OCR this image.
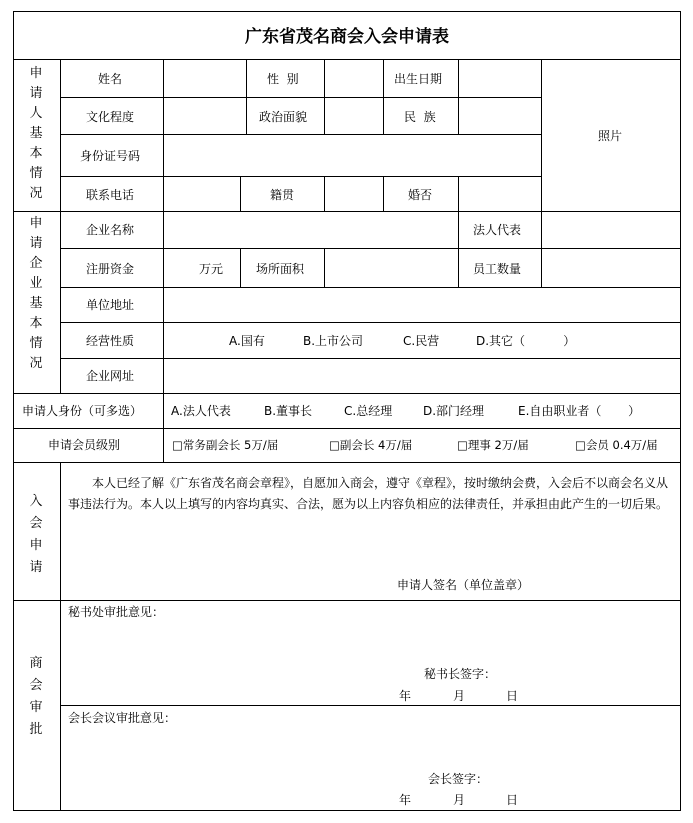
广东省茂名商会入会申请表
申
请
人
基
本
情
况
姓名	性  别	出生日期
文化程度	政治面貌	民  族
照片
身份证号码
联系电话	籍贯	婚否
申
请
企
业
基
本
情
况
企业名称	法人代表
注册资金	万元	场所面积	员工数量
单位地址
经营性质	A.国有	B.上市公司	C.民营	D.其它（          ）
企业网址
申请人身份（可多选） A.法人代表	B.董事长	C.总经理	D.部门经理	E.自由职业者（       ）
申请会员级别	□常务副会长 5万/届	□副会长 4万/届	□理事 2万/届	□会员 0.4万/届
入
会
申
请
本人已经了解《广东省茂名商会章程》，自愿加入商会，遵守《章程》，按时缴纳会费，入会后不以商会名义从事违法行为。本人以上填写的内容均真实、合法，愿为以上内容负相应的法律责任，并承担由此产生的一切后果。
申请人签名（单位盖章）
商
会
审
批
秘书处审批意见：
秘书长签字：
年	月	日
会长会议审批意见：
会长签字：
年	月	日
